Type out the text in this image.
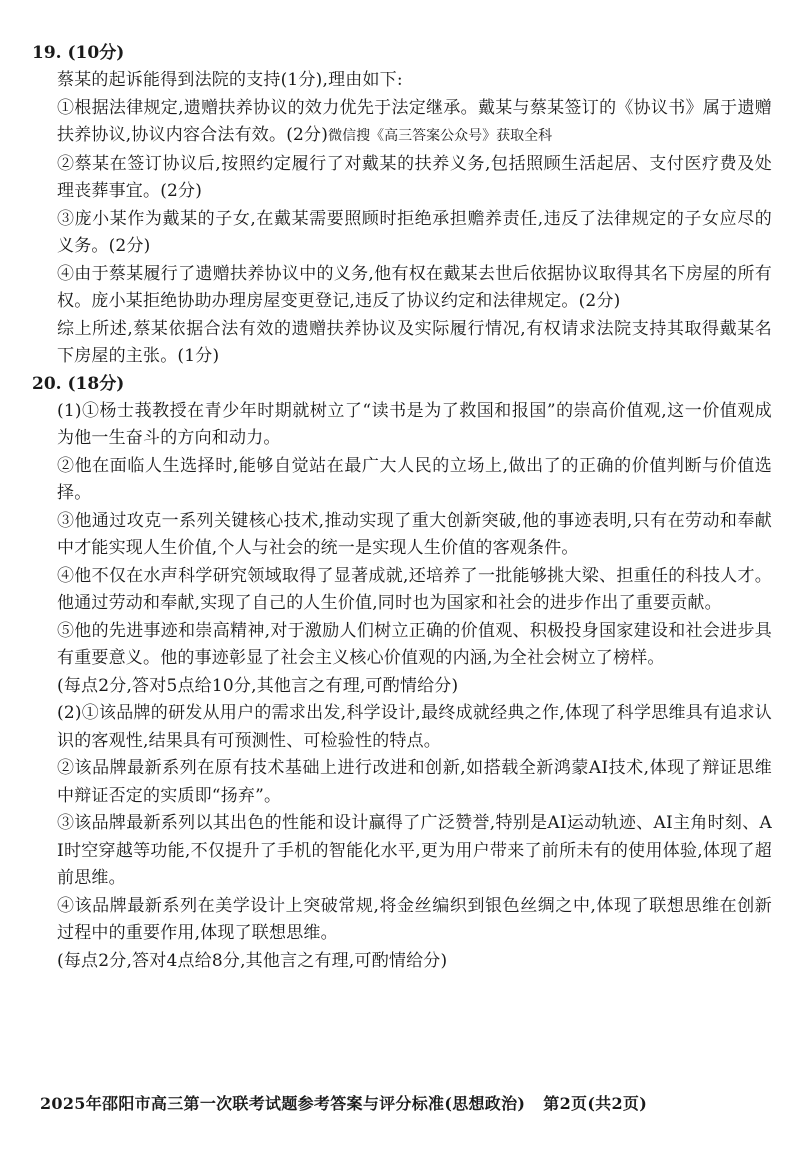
19. (10分)

蔡某的起诉能得到法院的支持(1分),理由如下:

①根据法律规定,遗赠扶养协议的效力优先于法定继承。戴某与蔡某签订的《协议书》属于遗赠扶养协议,协议内容合法有效。(2分)微信搜《高三答案公众号》获取全科

②蔡某在签订协议后,按照约定履行了对戴某的扶养义务,包括照顾生活起居、支付医疗费及处理丧葬事宜。(2分)

③庞小某作为戴某的子女,在戴某需要照顾时拒绝承担赡养责任,违反了法律规定的子女应尽的义务。(2分)

④由于蔡某履行了遗赠扶养协议中的义务,他有权在戴某去世后依据协议取得其名下房屋的所有权。庞小某拒绝协助办理房屋变更登记,违反了协议约定和法律规定。(2分)

综上所述,蔡某依据合法有效的遗赠扶养协议及实际履行情况,有权请求法院支持其取得戴某名下房屋的主张。(1分)

20. (18分)

(1)①杨士莪教授在青少年时期就树立了“读书是为了救国和报国”的崇高价值观,这一价值观成为他一生奋斗的方向和动力。

②他在面临人生选择时,能够自觉站在最广大人民的立场上,做出了的正确的价值判断与价值选择。

③他通过攻克一系列关键核心技术,推动实现了重大创新突破,他的事迹表明,只有在劳动和奉献中才能实现人生价值,个人与社会的统一是实现人生价值的客观条件。

④他不仅在水声科学研究领域取得了显著成就,还培养了一批能够挑大梁、担重任的科技人才。他通过劳动和奉献,实现了自己的人生价值,同时也为国家和社会的进步作出了重要贡献。

⑤他的先进事迹和崇高精神,对于激励人们树立正确的价值观、积极投身国家建设和社会进步具有重要意义。他的事迹彰显了社会主义核心价值观的内涵,为全社会树立了榜样。

(每点2分,答对5点给10分,其他言之有理,可酌情给分)

(2)①该品牌的研发从用户的需求出发,科学设计,最终成就经典之作,体现了科学思维具有追求认识的客观性,结果具有可预测性、可检验性的特点。

②该品牌最新系列在原有技术基础上进行改进和创新,如搭载全新鸿蒙AI技术,体现了辩证思维中辩证否定的实质即“扬弃”。

③该品牌最新系列以其出色的性能和设计赢得了广泛赞誉,特别是AI运动轨迹、AI主角时刻、AI时空穿越等功能,不仅提升了手机的智能化水平,更为用户带来了前所未有的使用体验,体现了超前思维。

④该品牌最新系列在美学设计上突破常规,将金丝编织到银色丝绸之中,体现了联想思维在创新过程中的重要作用,体现了联想思维。

(每点2分,答对4点给8分,其他言之有理,可酌情给分)

2025年邵阳市高三第一次联考试题参考答案与评分标准(思想政治) 第2页(共2页)
